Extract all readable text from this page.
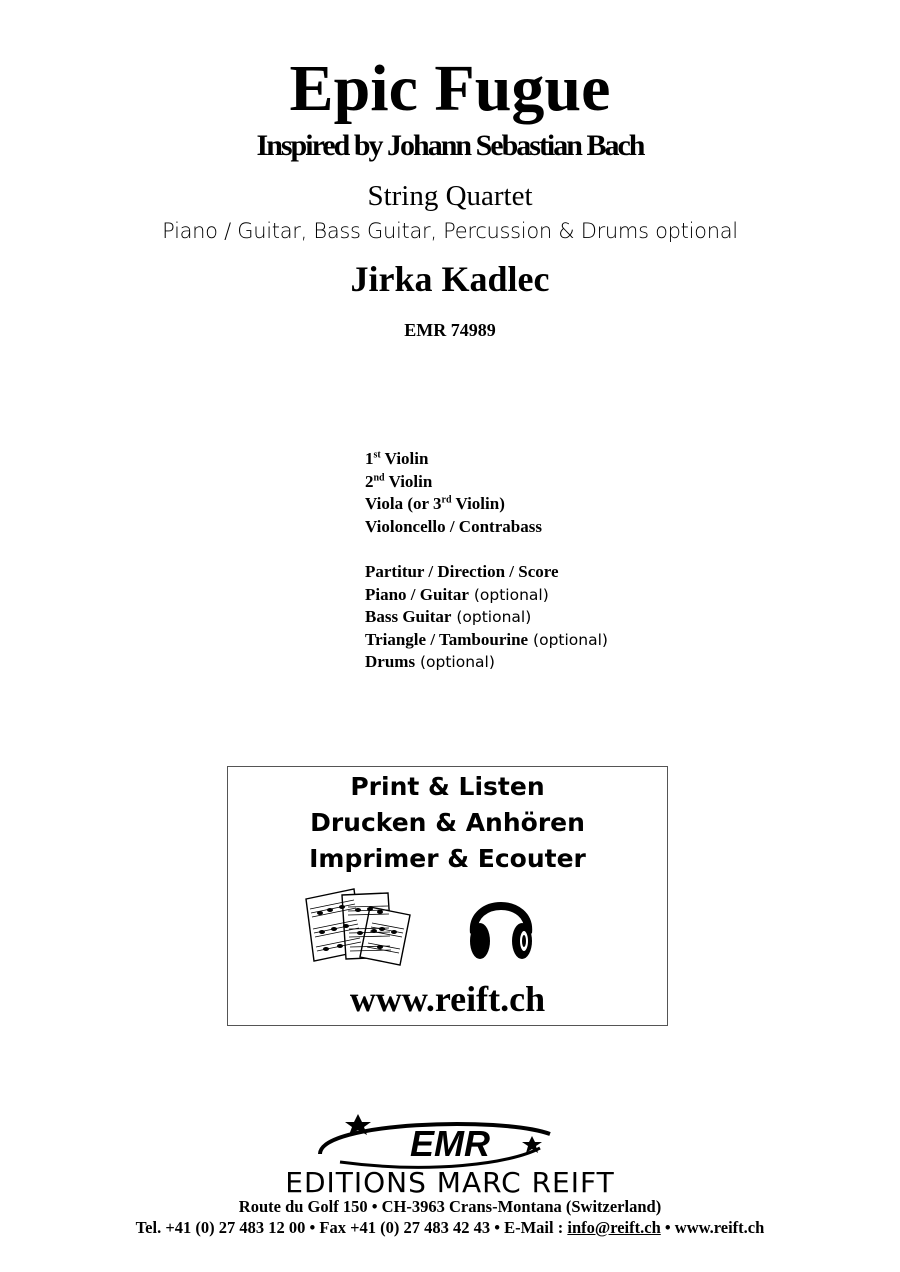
Epic Fugue
Inspired by Johann Sebastian Bach
String Quartet
Piano / Guitar, Bass Guitar, Percussion & Drums optional
Jirka Kadlec
EMR 74989
1st Violin
2nd Violin
Viola (or 3rd Violin)
Violoncello / Contrabass
Partitur / Direction / Score
Piano / Guitar (optional)
Bass Guitar (optional)
Triangle / Tambourine (optional)
Drums (optional)
Print & Listen
Drucken & Anhören
Imprimer & Ecouter
www.reift.ch
EMR
EDITIONS MARC REIFT
Route du Golf 150 • CH-3963 Crans-Montana (Switzerland)
Tel. +41 (0) 27 483 12 00 • Fax +41 (0) 27 483 42 43 • E-Mail : info@reift.ch • www.reift.ch
